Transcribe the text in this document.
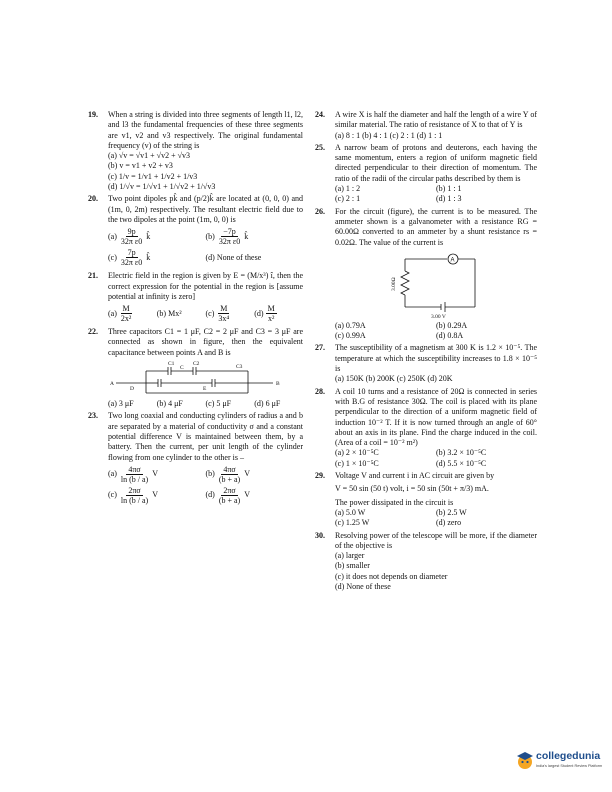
19.	When a string is divided into three segments of length l1, l2, and l3 the fundamental frequencies of these three segments are v1, v2 and v3 respectively. The original fundamental frequency (v) of the string is
(a) √v = √v1 + √v2 + √v3
(b) v = v1 + v2 + v3
(c) 1/v = 1/v1 + 1/v2 + 1/v3
(d) 1/√v = 1/√v1 + 1/√v2 + 1/√v3
20.	Two point dipoles pk̂ and (p/2)k̂ are located at (0, 0, 0) and (1m, 0, 2m) respectively. The resultant electric field due to the two dipoles at the point (1m, 0, 0) is
$(a) \frac{9p}{\text{32π ε0}}$ k̂	$(b) \frac{-7p}{\text{32π ε0}}$ k̂
$(c) \frac{7p}{\text{32π ε0}}$ k̂	(d) None of these
21.	Electric field in the region is given by E = (M/x³) î, then the correct expression for the potential in the region is [assume potential at infinity is zero]
$(a) \frac{M}{\text{2x²}}$	(b) Mx²	$(c) \frac{M}{\text{3x⁴}}$	$(d) \frac{M}{\text{x²}}$
22.	Three capacitors C1 = 1 μF, C2 = 2 μF and C3 = 3 μF are connected as shown in figure, then the equivalent capacitance between points A and B is
C1
C
C2	C3
A
D	E
B
(a) 3 μF	(b) 4 μF	(c) 5 μF	(d) 6 μF
23.	Two long coaxial and conducting cylinders of radius a and b are separated by a material of conductivity σ and a constant potential difference V is maintained between them, by a battery. Then the current, per unit length of the cylinder flowing from one cylinder to the other is –
$(a) \frac{4\pi\sigma}{\ln (b / a)}$ V	$(b) \frac{4\pi\sigma}{(b + a)}$ V
$(c) \frac{2\pi\sigma}{\ln (b / a)}$ V	$(d) \frac{2\pi\sigma}{(b + a)}$ V
24.	A wire X is half the diameter and half the length of a wire Y of similar material. The ratio of resistance of X to that of Y is
(a) 8 : 1 (b) 4 : 1 (c) 2 : 1 (d) 1 : 1
25.	A narrow beam of protons and deuterons, each having the same momentum, enters a region of uniform magnetic field directed perpendicular to their direction of momentum. The ratio of the radii of the circular paths described by them is
(a) 1 : 2	(b) 1 : 1
(c) 2 : 1	(d) 1 : 3
26.	For the circuit (figure), the current is to be measured. The ammeter shown is a galvanometer with a resistance RG = 60.00Ω converted to an ammeter by a shunt resistance rs = 0.02Ω. The value of the current is
A
3.00Ω
3.00 V
(a) 0.79A	(b) 0.29A
(c) 0.99A	(d) 0.8A
27.	The susceptibility of a magnetism at 300 K is 1.2 × 10⁻⁵. The temperature at which the susceptibility increases to 1.8 × 10⁻⁵ is
(a) 150K (b) 200K (c) 250K (d) 20K
28.	A coil 10 turns and a resistance of 20Ω is connected in series with B.G of resistance 30Ω. The coil is placed with its plane perpendicular to the direction of a uniform magnetic field of induction 10⁻² T. If it is now turned through an angle of 60° about an axis in its plane. Find the charge induced in the coil. (Area of a coil = 10⁻² m²)
(a) 2 × 10⁻⁵C	(b) 3.2 × 10⁻⁵C
(c) 1 × 10⁻⁵C	(d) 5.5 × 10⁻⁵C
29.	Voltage V and current i in AC circuit are given by
V = 50 sin (50 t) volt, i = 50 sin (50t + π/3) mA.
The power dissipated in the circuit is
(a) 5.0 W	(b) 2.5 W
(c) 1.25 W	(d) zero
30.	Resolving power of the telescope will be more, if the diameter of the objective is
(a) larger
(b) smaller
(c) it does not depends on diameter
(d) None of these
collegedunia
India's largest Student Review Platform
